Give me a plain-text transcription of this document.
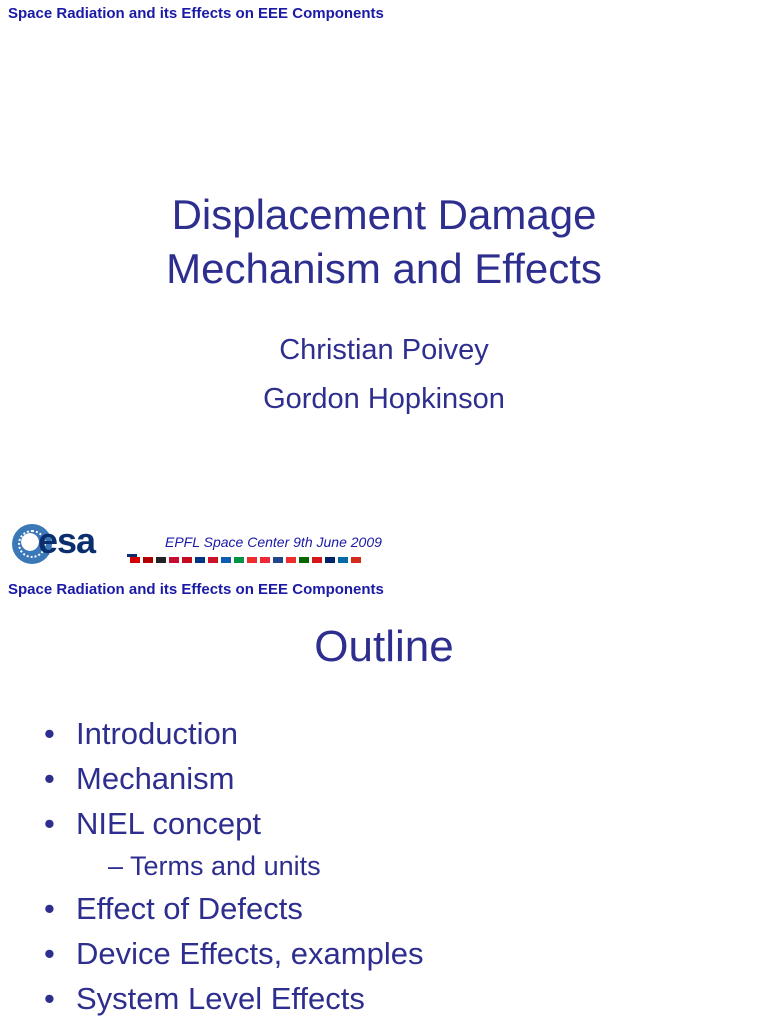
Space Radiation and its Effects on EEE Components
Displacement Damage
Mechanism and Effects
Christian Poivey
Gordon Hopkinson
esa	EPFL Space Center 9th June 2009
Space Radiation and its Effects on EEE Components
Outline
• Introduction
• Mechanism
• NIEL concept
– Terms and units
• Effect of Defects
• Device Effects, examples
• System Level Effects
